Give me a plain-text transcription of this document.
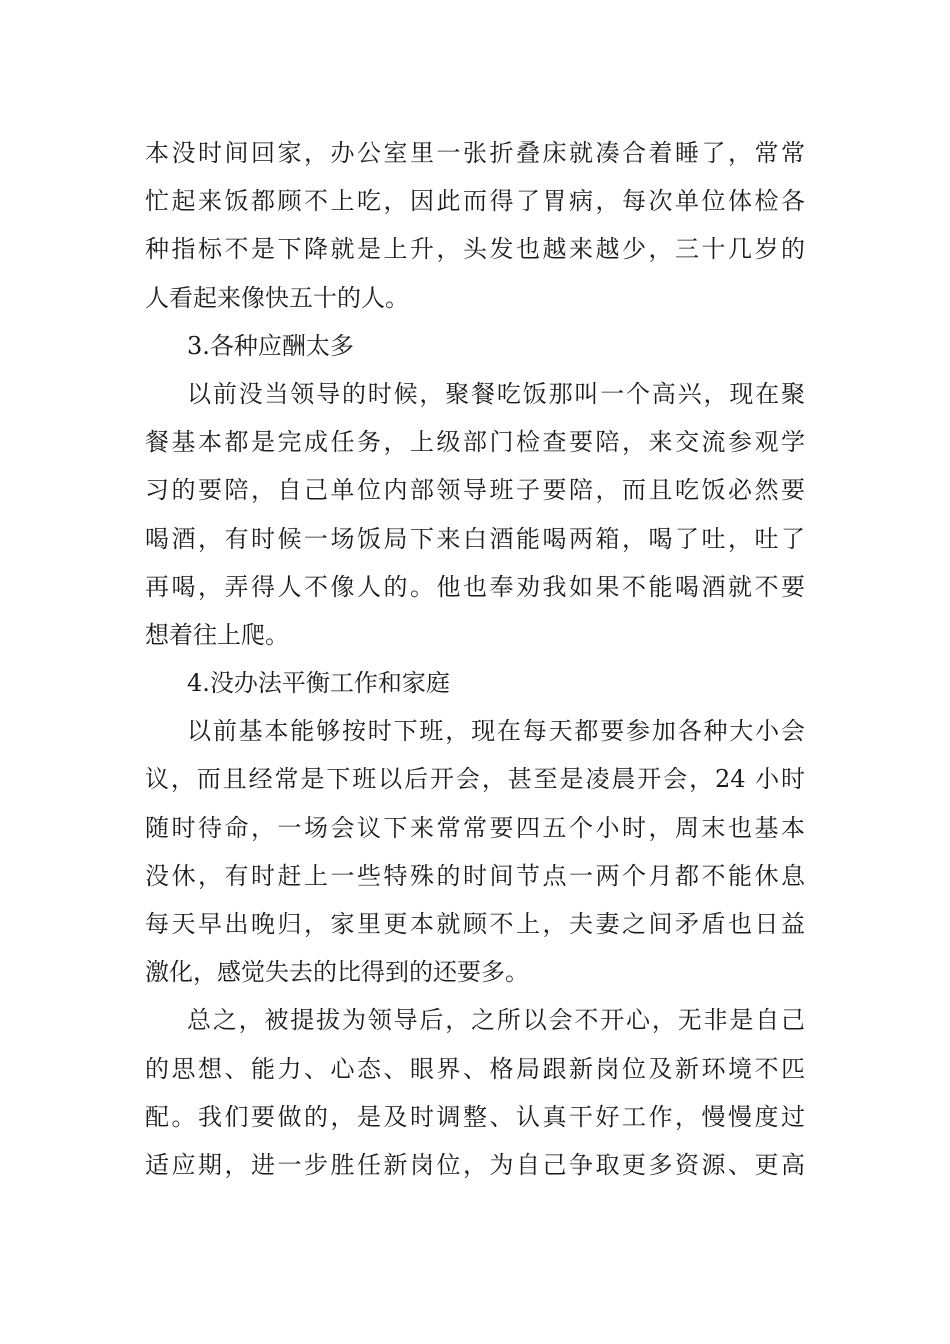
本没时间回家，办公室里一张折叠床就凑合着睡了，常常
忙起来饭都顾不上吃，因此而得了胃病，每次单位体检各
种指标不是下降就是上升，头发也越来越少，三十几岁的
人看起来像快五十的人。
3.各种应酬太多
以前没当领导的时候，聚餐吃饭那叫一个高兴，现在聚
餐基本都是完成任务，上级部门检查要陪，来交流参观学
习的要陪，自己单位内部领导班子要陪，而且吃饭必然要
喝酒，有时候一场饭局下来白酒能喝两箱，喝了吐，吐了
再喝，弄得人不像人的。他也奉劝我如果不能喝酒就不要
想着往上爬。
4.没办法平衡工作和家庭
以前基本能够按时下班，现在每天都要参加各种大小会
议，而且经常是下班以后开会，甚至是凌晨开会，24 小时
随时待命，一场会议下来常常要四五个小时，周末也基本
没休，有时赶上一些特殊的时间节点一两个月都不能休息
每天早出晚归，家里更本就顾不上，夫妻之间矛盾也日益
激化，感觉失去的比得到的还要多。
总之，被提拔为领导后，之所以会不开心，无非是自己
的思想、能力、心态、眼界、格局跟新岗位及新环境不匹
配。我们要做的，是及时调整、认真干好工作，慢慢度过
适应期，进一步胜任新岗位，为自己争取更多资源、更高
